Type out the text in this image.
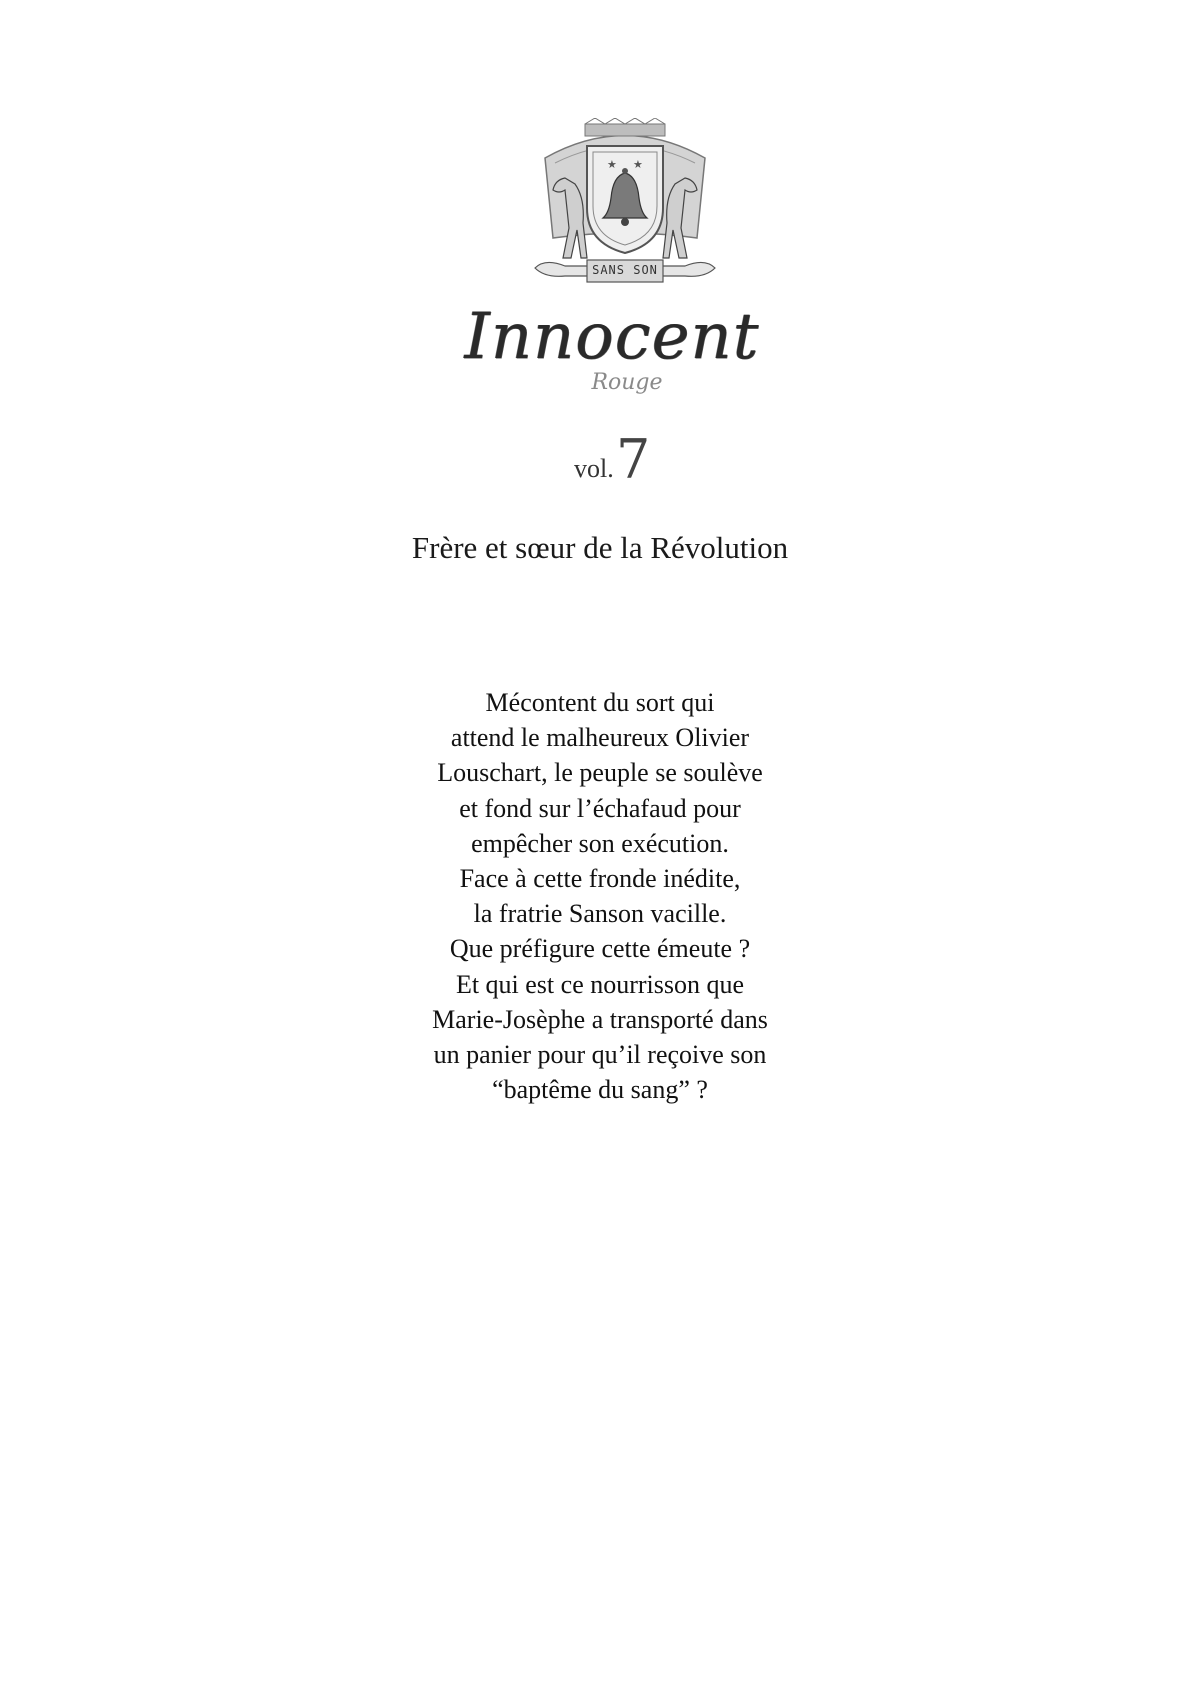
★ ★
SANS SON
Innocent
Rouge
vol. 7
Frère et sœur de la Révolution
Mécontent du sort qui
attend le malheureux Olivier
Louschart, le peuple se soulève
et fond sur l’échafaud pour
empêcher son exécution.
Face à cette fronde inédite,
la fratrie Sanson vacille.
Que préfigure cette émeute ?
Et qui est ce nourrisson que
Marie-Josèphe a transporté dans
un panier pour qu’il reçoive son
“baptême du sang” ?
